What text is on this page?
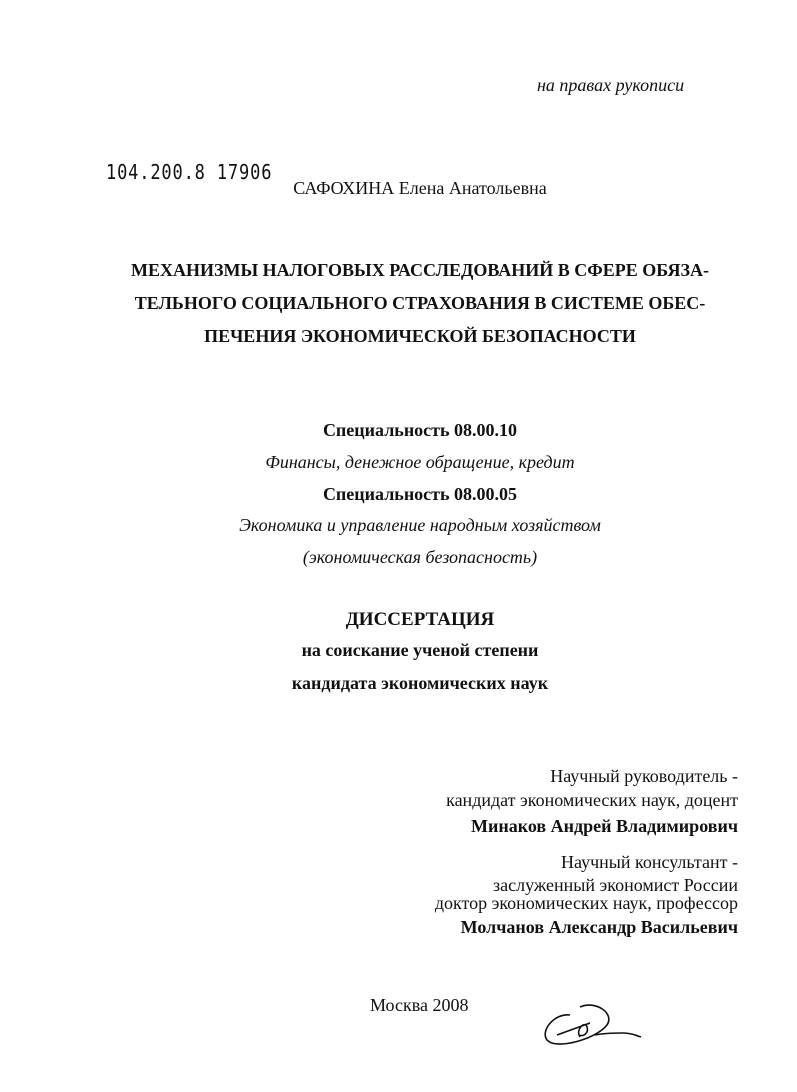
на правах рукописи
104.200.8 17906
САФОХИНА Елена Анатольевна
МЕХАНИЗМЫ НАЛОГОВЫХ РАССЛЕДОВАНИЙ В СФЕРЕ ОБЯЗА-
ТЕЛЬНОГО СОЦИАЛЬНОГО СТРАХОВАНИЯ В СИСТЕМЕ ОБЕС-
ПЕЧЕНИЯ ЭКОНОМИЧЕСКОЙ БЕЗОПАСНОСТИ
Специальность 08.00.10
Финансы, денежное обращение, кредит
Специальность 08.00.05
Экономика и управление народным хозяйством
(экономическая безопасность)
ДИССЕРТАЦИЯ
на соискание ученой степени
кандидата экономических наук
Научный руководитель -
кандидат экономических наук, доцент
Минаков Андрей Владимирович
Научный консультант -
заслуженный экономист России
доктор экономических наук, профессор
Молчанов Александр Васильевич
Москва 2008
